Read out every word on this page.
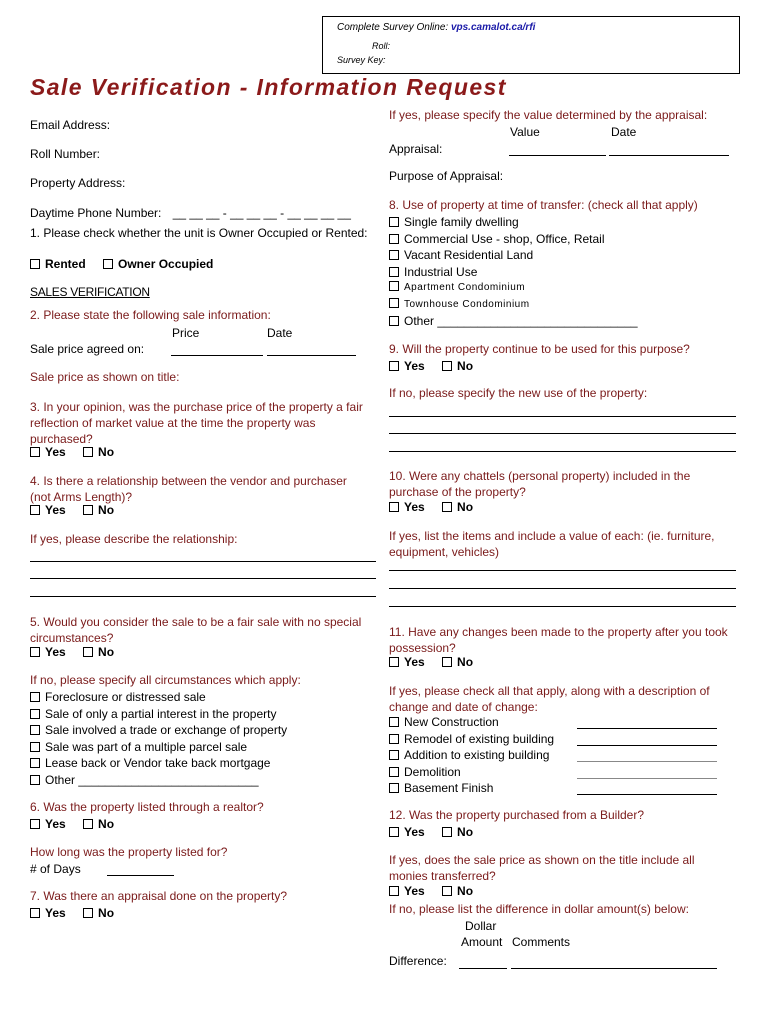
Complete Survey Online: vps.camalot.ca/rfi
Roll:
Survey Key:
Sale Verification - Information Request
Email Address:
Roll Number:
Property Address:
Daytime Phone Number: __ __ __ - __ __ __ - __ __ __ __
1. Please check whether the unit is Owner Occupied or Rented:
Rented	Owner Occupied
SALES VERIFICATION
2. Please state the following sale information:
Price	Date
Sale price agreed on:
Sale price as shown on title:
3. In your opinion, was the purchase price of the property a fair
reflection of market value at the time the property was
purchased?
Yes	No
4. Is there a relationship between the vendor and purchaser
(not Arms Length)?
Yes	No
If yes, please describe the relationship:
5. Would you consider the sale to be a fair sale with no special
circumstances?
Yes	No
If no, please specify all circumstances which apply:
Foreclosure or distressed sale
Sale of only a partial interest in the property
Sale involved a trade or exchange of property
Sale was part of a multiple parcel sale
Lease back or Vendor take back mortgage
Other ___________________________
6. Was the property listed through a realtor?
Yes	No
How long was the property listed for?
# of Days
7. Was there an appraisal done on the property?
Yes	No
If yes, please specify the value determined by the appraisal:
Value	Date
Appraisal:
Purpose of Appraisal:
8. Use of property at time of transfer: (check all that apply)
Single family dwelling
Commercial Use - shop, Office, Retail
Vacant Residential Land
Industrial Use
Apartment Condominium
Townhouse Condominium
Other ______________________________
9. Will the property continue to be used for this purpose?
Yes	No
If no, please specify the new use of the property:
10. Were any chattels (personal property) included in the
purchase of the property?
Yes	No
If yes, list the items and include a value of each: (ie. furniture,
equipment, vehicles)
11. Have any changes been made to the property after you took
possession?
Yes	No
If yes, please check all that apply, along with a description of
change and date of change:
New Construction
Remodel of existing building
Addition to existing building
Demolition
Basement Finish
12. Was the property purchased from a Builder?
Yes	No
If yes, does the sale price as shown on the title include all
monies transferred?
Yes	No
If no, please list the difference in dollar amount(s) below:
Dollar
Amount Comments
Difference:
